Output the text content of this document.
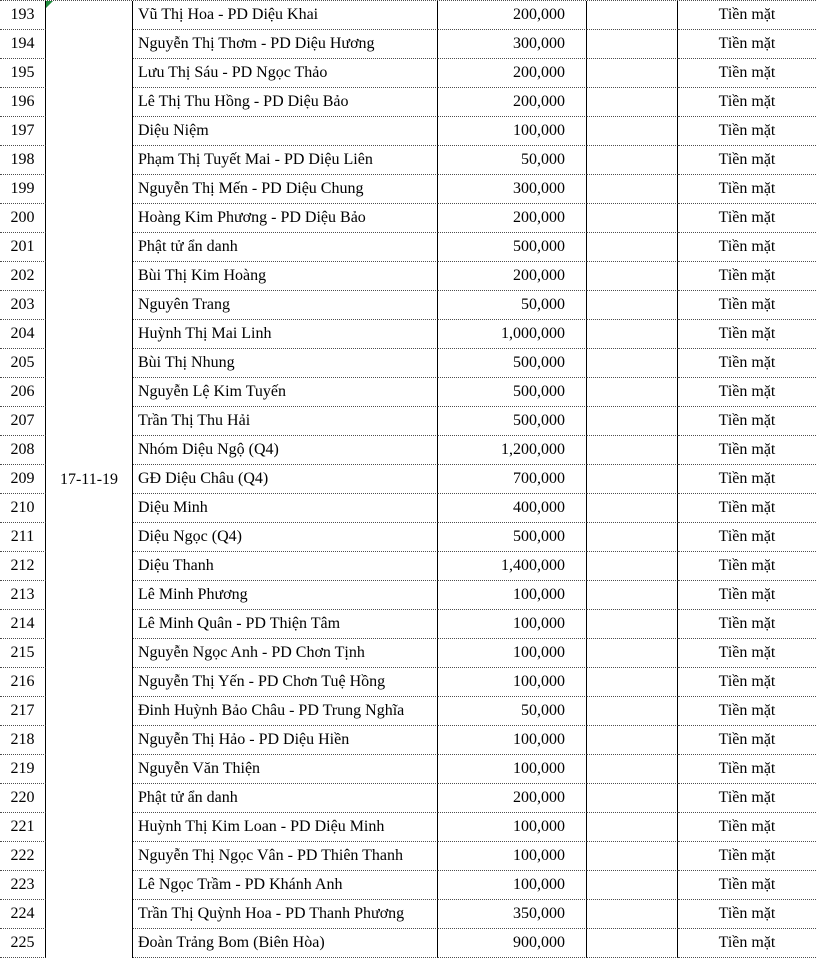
17-11-19
193	Vũ Thị Hoa - PD Diệu Khai	200,000	Tiền mặt
194	Nguyễn Thị Thơm - PD Diệu Hương	300,000	Tiền mặt
195	Lưu Thị Sáu - PD Ngọc Thảo	200,000	Tiền mặt
196	Lê Thị Thu Hồng - PD Diệu Bảo	200,000	Tiền mặt
197	Diệu Niệm	100,000	Tiền mặt
198	Phạm Thị Tuyết Mai - PD Diệu Liên	50,000	Tiền mặt
199	Nguyễn Thị Mến - PD Diệu Chung	300,000	Tiền mặt
200	Hoàng Kim Phương - PD Diệu Bảo	200,000	Tiền mặt
201	Phật tử ẩn danh	500,000	Tiền mặt
202	Bùi Thị Kim Hoàng	200,000	Tiền mặt
203	Nguyên Trang	50,000	Tiền mặt
204	Huỳnh Thị Mai Linh	1,000,000	Tiền mặt
205	Bùi Thị Nhung	500,000	Tiền mặt
206	Nguyễn Lệ Kim Tuyến	500,000	Tiền mặt
207	Trần Thị Thu Hải	500,000	Tiền mặt
208	Nhóm Diệu Ngộ (Q4)	1,200,000	Tiền mặt
209	GĐ Diệu Châu (Q4)	700,000	Tiền mặt
210	Diệu Minh	400,000	Tiền mặt
211	Diệu Ngọc (Q4)	500,000	Tiền mặt
212	Diệu Thanh	1,400,000	Tiền mặt
213	Lê Minh Phương	100,000	Tiền mặt
214	Lê Minh Quân - PD Thiện Tâm	100,000	Tiền mặt
215	Nguyễn Ngọc Anh - PD Chơn Tịnh	100,000	Tiền mặt
216	Nguyễn Thị Yến - PD Chơn Tuệ Hồng	100,000	Tiền mặt
217	Đinh Huỳnh Bảo Châu - PD Trung Nghĩa	50,000	Tiền mặt
218	Nguyễn Thị Hảo - PD Diệu Hiền	100,000	Tiền mặt
219	Nguyễn Văn Thiện	100,000	Tiền mặt
220	Phật tử ẩn danh	200,000	Tiền mặt
221	Huỳnh Thị Kim Loan - PD Diệu Minh	100,000	Tiền mặt
222	Nguyễn Thị Ngọc Vân - PD Thiên Thanh	100,000	Tiền mặt
223	Lê Ngọc Trầm - PD Khánh Anh	100,000	Tiền mặt
224	Trần Thị Quỳnh Hoa - PD Thanh Phương	350,000	Tiền mặt
225	Đoàn Trảng Bom (Biên Hòa)	900,000	Tiền mặt
